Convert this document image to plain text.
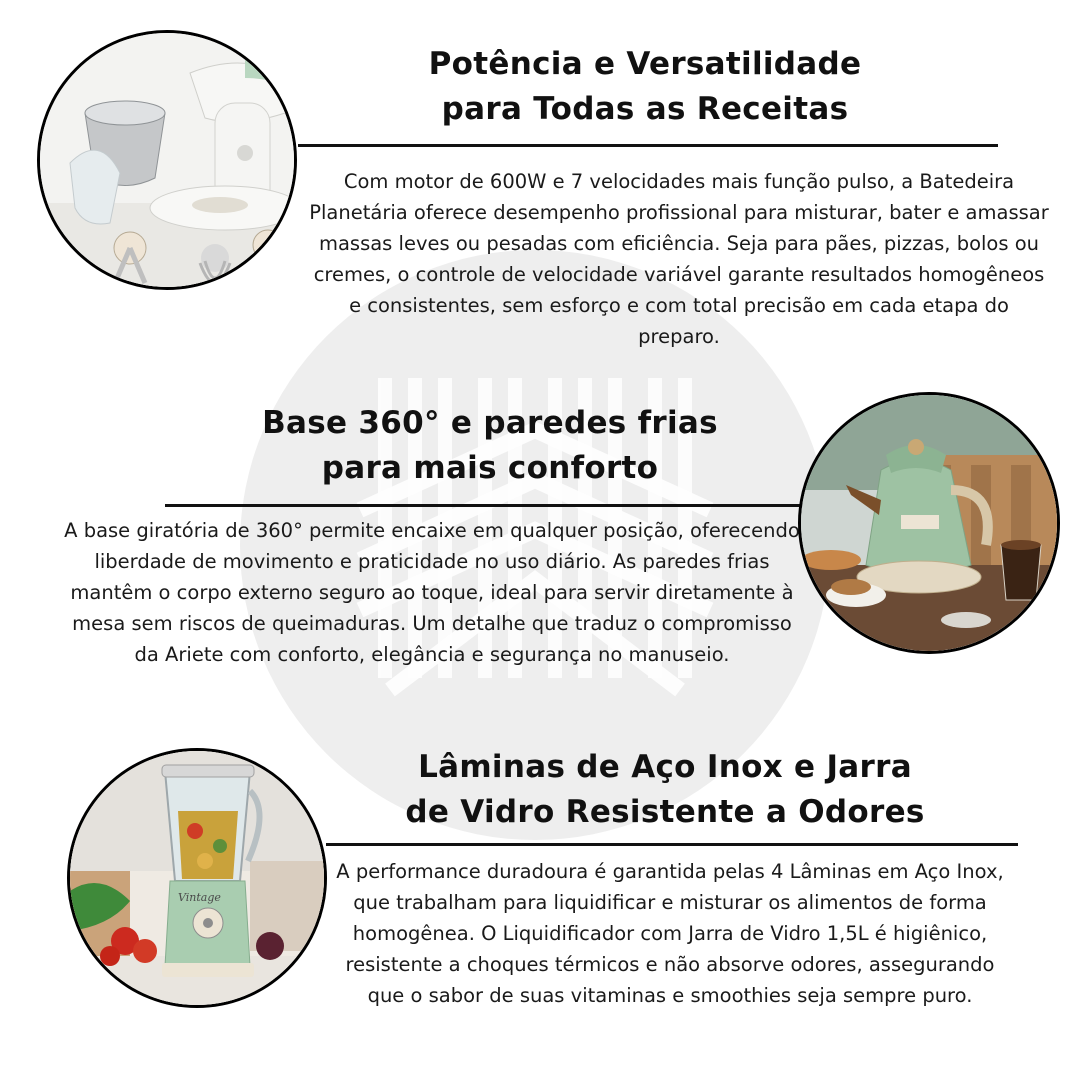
Potência e Versatilidade
para Todas as Receitas

Com motor de 600W e 7 velocidades mais função pulso, a Batedeira Planetária oferece desempenho profissional para misturar, bater e amassar massas leves ou pesadas com eficiência. Seja para pães, pizzas, bolos ou cremes, o controle de velocidade variável garante resultados homogêneos e consistentes, sem esforço e com total precisão em cada etapa do preparo.

Base 360° e paredes frias
para mais conforto

A base giratória de 360° permite encaixe em qualquer posição, oferecendo liberdade de movimento e praticidade no uso diário. As paredes frias mantêm o corpo externo seguro ao toque, ideal para servir diretamente à mesa sem riscos de queimaduras. Um detalhe que traduz o compromisso da Ariete com conforto, elegância e segurança no manuseio.

Vintage
Lâminas de Aço Inox e Jarra
de Vidro Resistente a Odores

A performance duradoura é garantida pelas 4 Lâminas em Aço Inox, que trabalham para liquidificar e misturar os alimentos de forma homogênea. O Liquidificador com Jarra de Vidro 1,5L é higiênico, resistente a choques térmicos e não absorve odores, assegurando que o sabor de suas vitaminas e smoothies seja sempre puro.
